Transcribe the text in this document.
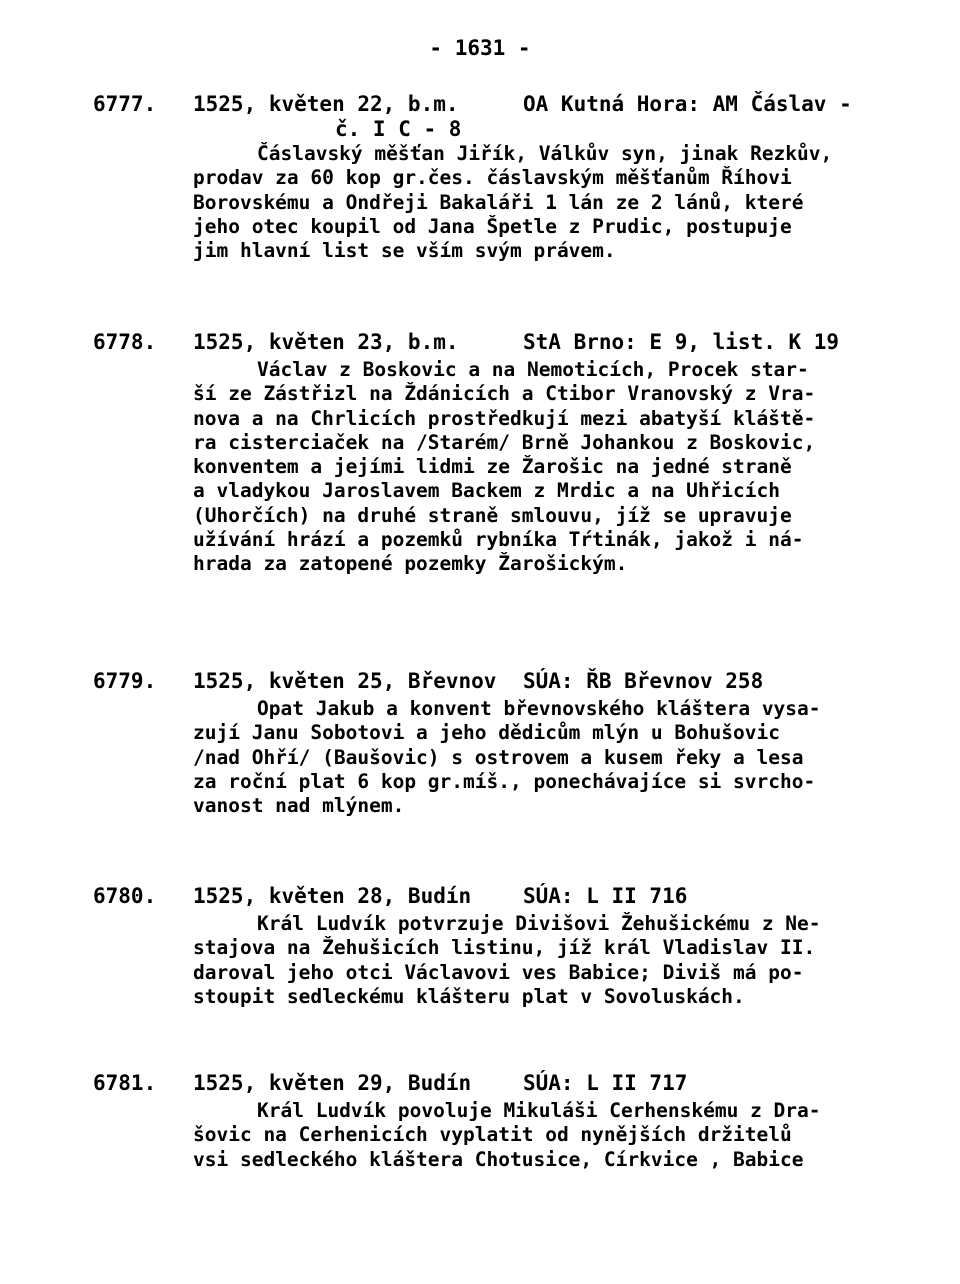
- 1631 -
6777. 1525, květen 22, b.m.	OA Kutná Hora: AM Čáslav -
č. I C - 8
Čáslavský měšťan Jiřík, Válkův syn, jinak Rezkův,
prodav za 60 kop gr.čes. čáslavským měšťanům Říhovi
Borovskému a Ondřeji Bakaláři 1 lán ze 2 lánů, které
jeho otec koupil od Jana Špetle z Prudic, postupuje
jim hlavní list se vším svým právem.
6778. 1525, květen 23, b.m.	StA Brno: E 9, list. K 19
Václav z Boskovic a na Nemoticích, Procek star-
ší ze Zástřizl na Ždánicích a Ctibor Vranovský z Vra-
nova a na Chrlicích prostředkují mezi abatyší kláště-
ra cisterciaček na /Starém/ Brně Johankou z Boskovic,
konventem a jejími lidmi ze Žarošic na jedné straně
a vladykou Jaroslavem Backem z Mrdic a na Uhřicích
(Uhorčích) na druhé straně smlouvu, jíž se upravuje
užívání hrází a pozemků rybníka Tŕtinák, jakož i ná-
hrada za zatopené pozemky Žarošickým.
6779. 1525, květen 25, Břevnov SÚA: ŘB Břevnov 258
Opat Jakub a konvent břevnovského kláštera vysa-
zují Janu Sobotovi a jeho dědicům mlýn u Bohušovic
/nad Ohří/ (Baušovic) s ostrovem a kusem řeky a lesa
za roční plat 6 kop gr.míš., ponechávajíce si svrcho-
vanost nad mlýnem.
6780. 1525, květen 28, Budín SÚA: L II 716
Král Ludvík potvrzuje Divišovi Žehušickému z Ne-
stajova na Žehušicích listinu, jíž král Vladislav II.
daroval jeho otci Václavovi ves Babice; Diviš má po-
stoupit sedleckému klášteru plat v Sovoluskách.
6781. 1525, květen 29, Budín SÚA: L II 717
Král Ludvík povoluje Mikuláši Cerhenskému z Dra-
šovic na Cerhenicích vyplatit od nynějších držitelů
vsi sedleckého kláštera Chotusice, Církvice , Babice
